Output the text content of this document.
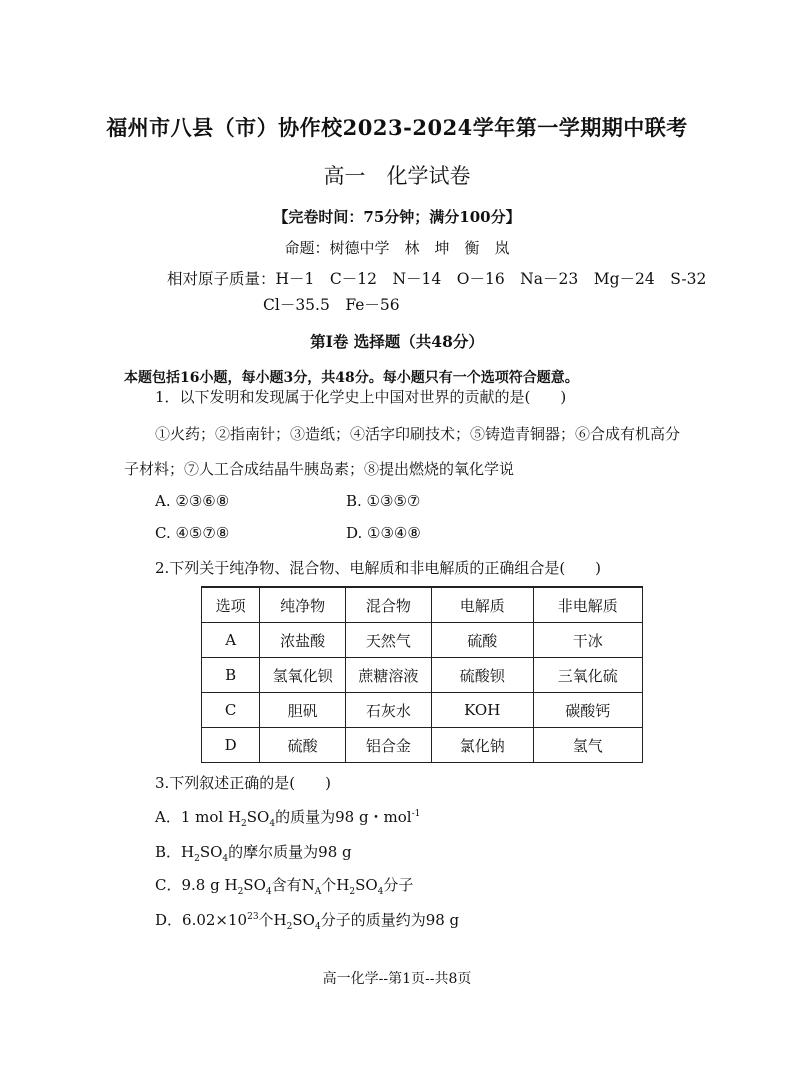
福州市八县（市）协作校2023-2024学年第一学期期中联考
高一　化学试卷
【完卷时间：75分钟；满分100分】
命题：树德中学　林　坤　衡　岚
相对原子质量：H－1　C－12　N－14　O－16　Na－23　Mg－24　S-32
Cl－35.5　Fe－56
第Ⅰ卷 选择题（共48分）
本题包括16小题，每小题3分，共48分。每小题只有一个选项符合题意。
1．以下发明和发现属于化学史上中国对世界的贡献的是(　　)
①火药；②指南针；③造纸；④活字印刷技术；⑤铸造青铜器；⑥合成有机高分
子材料；⑦人工合成结晶牛胰岛素；⑧提出燃烧的氧化学说
A. ②③⑥⑧	B. ①③⑤⑦
C. ④⑤⑦⑧	D. ①③④⑧
2.下列关于纯净物、混合物、电解质和非电解质的正确组合是(　　)
选项	纯净物	混合物	电解质	非电解质
A	浓盐酸	天然气	硫酸	干冰
B	氢氧化钡	蔗糖溶液	硫酸钡	三氧化硫
C	胆矾	石灰水	KOH	碳酸钙
D	硫酸	铝合金	氯化钠	氢气
3.下列叙述正确的是(　　)
A．1 mol $H_2SO_4$的质量为98 g・mol$^{-1}$
B．$H_2SO_4$的摩尔质量为98 g
C．9.8 g $H_2SO_4$含有$N_A$个$H_2SO_4$分子
D．$6.02\times 10^{23}$个$H_2SO_4$分子的质量约为98 g
高一化学--第1页--共8页
